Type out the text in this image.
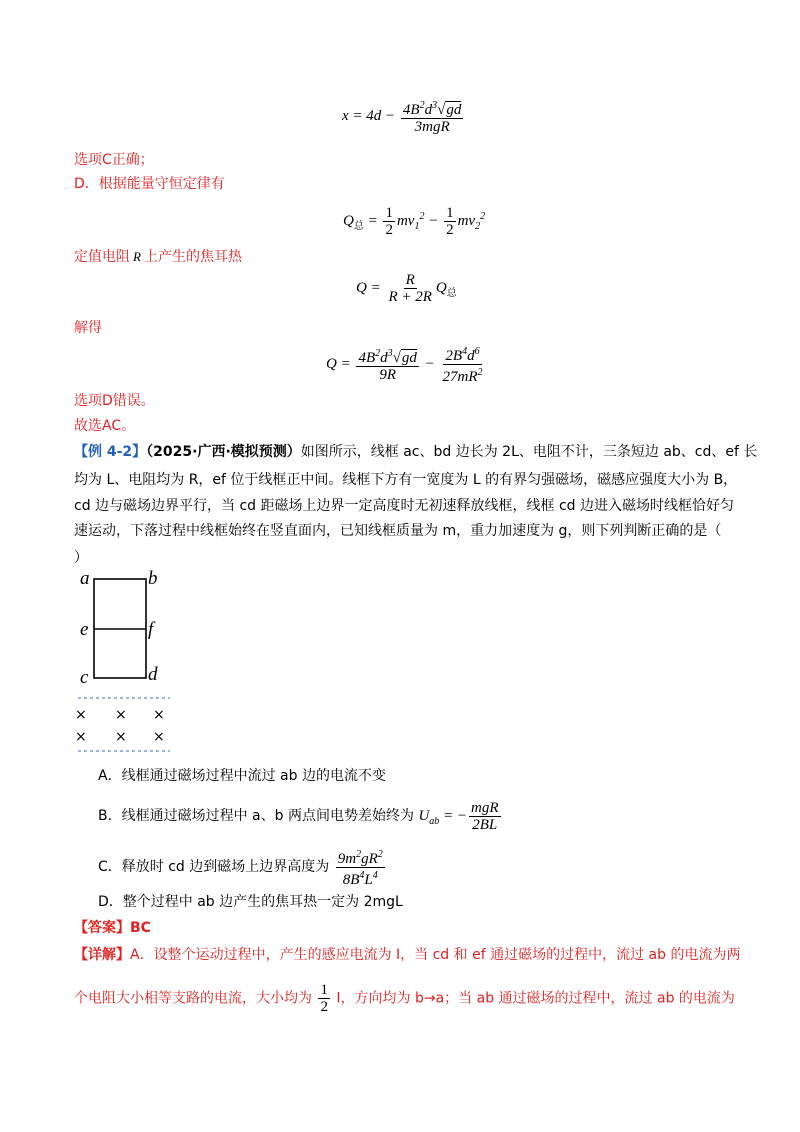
$x = 4d - \frac{4B^2d^3√gd}{\text{3mgR}}$
选项C正确；
D．根据能量守恒定律有
$Q_总 = \frac{1}{2} mv_1^2 - \frac{1}{2} mv_2^2$
定值电阻 R 上产生的焦耳热
$Q = \frac{R}{R + 2R} Q_总$
解得
$Q = \frac{4B^2d^3√gd}{9R} - \frac{2B^4d^6}{27mR^2}$
选项D错误。
故选AC。
【例 4-2】（2025·广西·模拟预测）如图所示，线框 ac、bd 边长为 2L、电阻不计，三条短边 ab、cd、ef 长
均为 L、电阻均为 R，ef 位于线框正中间。线框下方有一宽度为 L 的有界匀强磁场，磁感应强度大小为 B，
cd 边与磁场边界平行，当 cd 距磁场上边界一定高度时无初速释放线框，线框 cd 边进入磁场时线框恰好匀
速运动，下落过程中线框始终在竖直面内，已知线框质量为 m，重力加速度为 g，则下列判断正确的是（
）
a	b
e	f
c	d
× × ×
× × ×
A．线框通过磁场过程中流过 ab 边的电流不变
B．线框通过磁场过程中 a、b 两点间电势差始终为 $U_{ab}$ = − $\frac{\text{mgR}}{2BL}$
C．释放时 cd 边到磁场上边界高度为 $\frac{9m^2gR^2}{8B^4L^4}$
D．整个过程中 ab 边产生的焦耳热一定为 2mgL
【答案】BC
【详解】A．设整个运动过程中，产生的感应电流为 I，当 cd 和 ef 通过磁场的过程中，流过 ab 的电流为两
个电阻大小相等支路的电流，大小均为 $\frac{1}{2}$ I，方向均为 b→a；当 ab 通过磁场的过程中，流过 ab 的电流为
